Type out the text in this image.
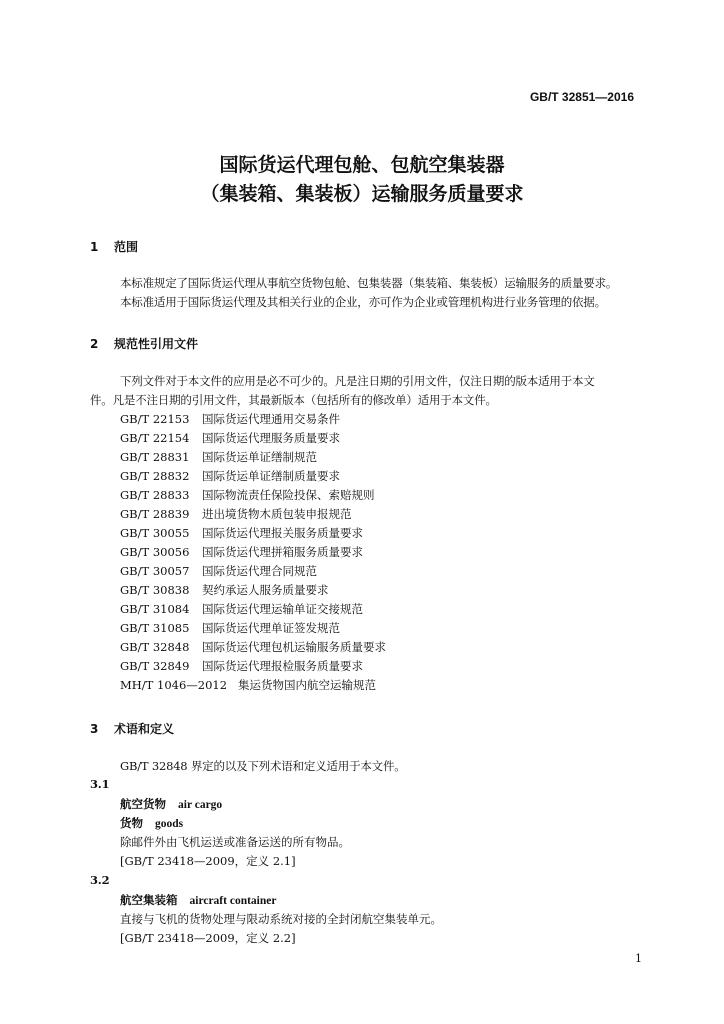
GB/T 32851—2016
国际货运代理包舱、包航空集装器
（集装箱、集装板）运输服务质量要求
1 范围
本标准规定了国际货运代理从事航空货物包舱、包集装器（集装箱、集装板）运输服务的质量要求。
本标准适用于国际货运代理及其相关行业的企业，亦可作为企业或管理机构进行业务管理的依据。
2 规范性引用文件
下列文件对于本文件的应用是必不可少的。凡是注日期的引用文件，仅注日期的版本适用于本文
件。凡是不注日期的引用文件，其最新版本（包括所有的修改单）适用于本文件。
GB/T 22153 国际货运代理通用交易条件
GB/T 22154 国际货运代理服务质量要求
GB/T 28831 国际货运单证缮制规范
GB/T 28832 国际货运单证缮制质量要求
GB/T 28833 国际物流责任保险投保、索赔规则
GB/T 28839 进出境货物木质包装申报规范
GB/T 30055 国际货运代理报关服务质量要求
GB/T 30056 国际货运代理拼箱服务质量要求
GB/T 30057 国际货运代理合同规范
GB/T 30838 契约承运人服务质量要求
GB/T 31084 国际货运代理运输单证交接规范
GB/T 31085 国际货运代理单证签发规范
GB/T 32848 国际货运代理包机运输服务质量要求
GB/T 32849 国际货运代理报检服务质量要求
MH/T 1046—2012 集运货物国内航空运输规范
3 术语和定义
GB/T 32848 界定的以及下列术语和定义适用于本文件。
3.1
航空货物 air cargo
货物 goods
除邮件外由飞机运送或准备运送的所有物品。
[GB/T 23418—2009，定义 2.1]
3.2
航空集装箱 aircraft container
直接与飞机的货物处理与限动系统对接的全封闭航空集装单元。
[GB/T 23418—2009，定义 2.2]
1
